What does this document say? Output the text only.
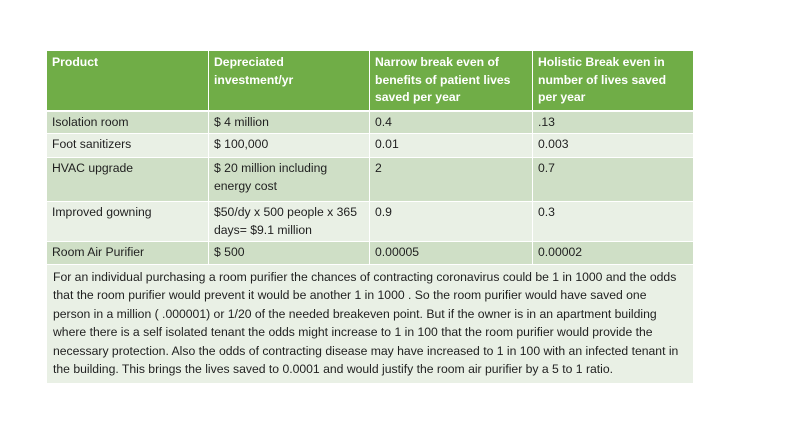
Product	Depreciated investment/yr	Narrow break even of benefits of patient lives saved per year	Holistic Break even in number of lives saved per year
Isolation room	$ 4 million	0.4	.13
Foot sanitizers	$ 100,000	0.01	0.003
HVAC upgrade	$ 20 million including energy cost	2	0.7
Improved gowning	$50/dy x 500 people x 365 days= $9.1 million	0.9	0.3
Room Air Purifier	$ 500	0.00005	0.00002
For an individual purchasing a room purifier the chances of contracting coronavirus could be 1 in 1000 and the odds that the room purifier would prevent it would be another 1 in 1000 . So the room purifier would have saved one person in a million ( .000001) or 1/20 of the needed breakeven point. But if the owner is in an apartment building where there is a self isolated tenant the odds might increase to 1 in 100 that the room purifier would provide the necessary protection. Also the odds of contracting disease may have increased to 1 in 100 with an infected tenant in the building. This brings the lives saved to 0.0001 and would justify the room air purifier by a 5 to 1 ratio.			
